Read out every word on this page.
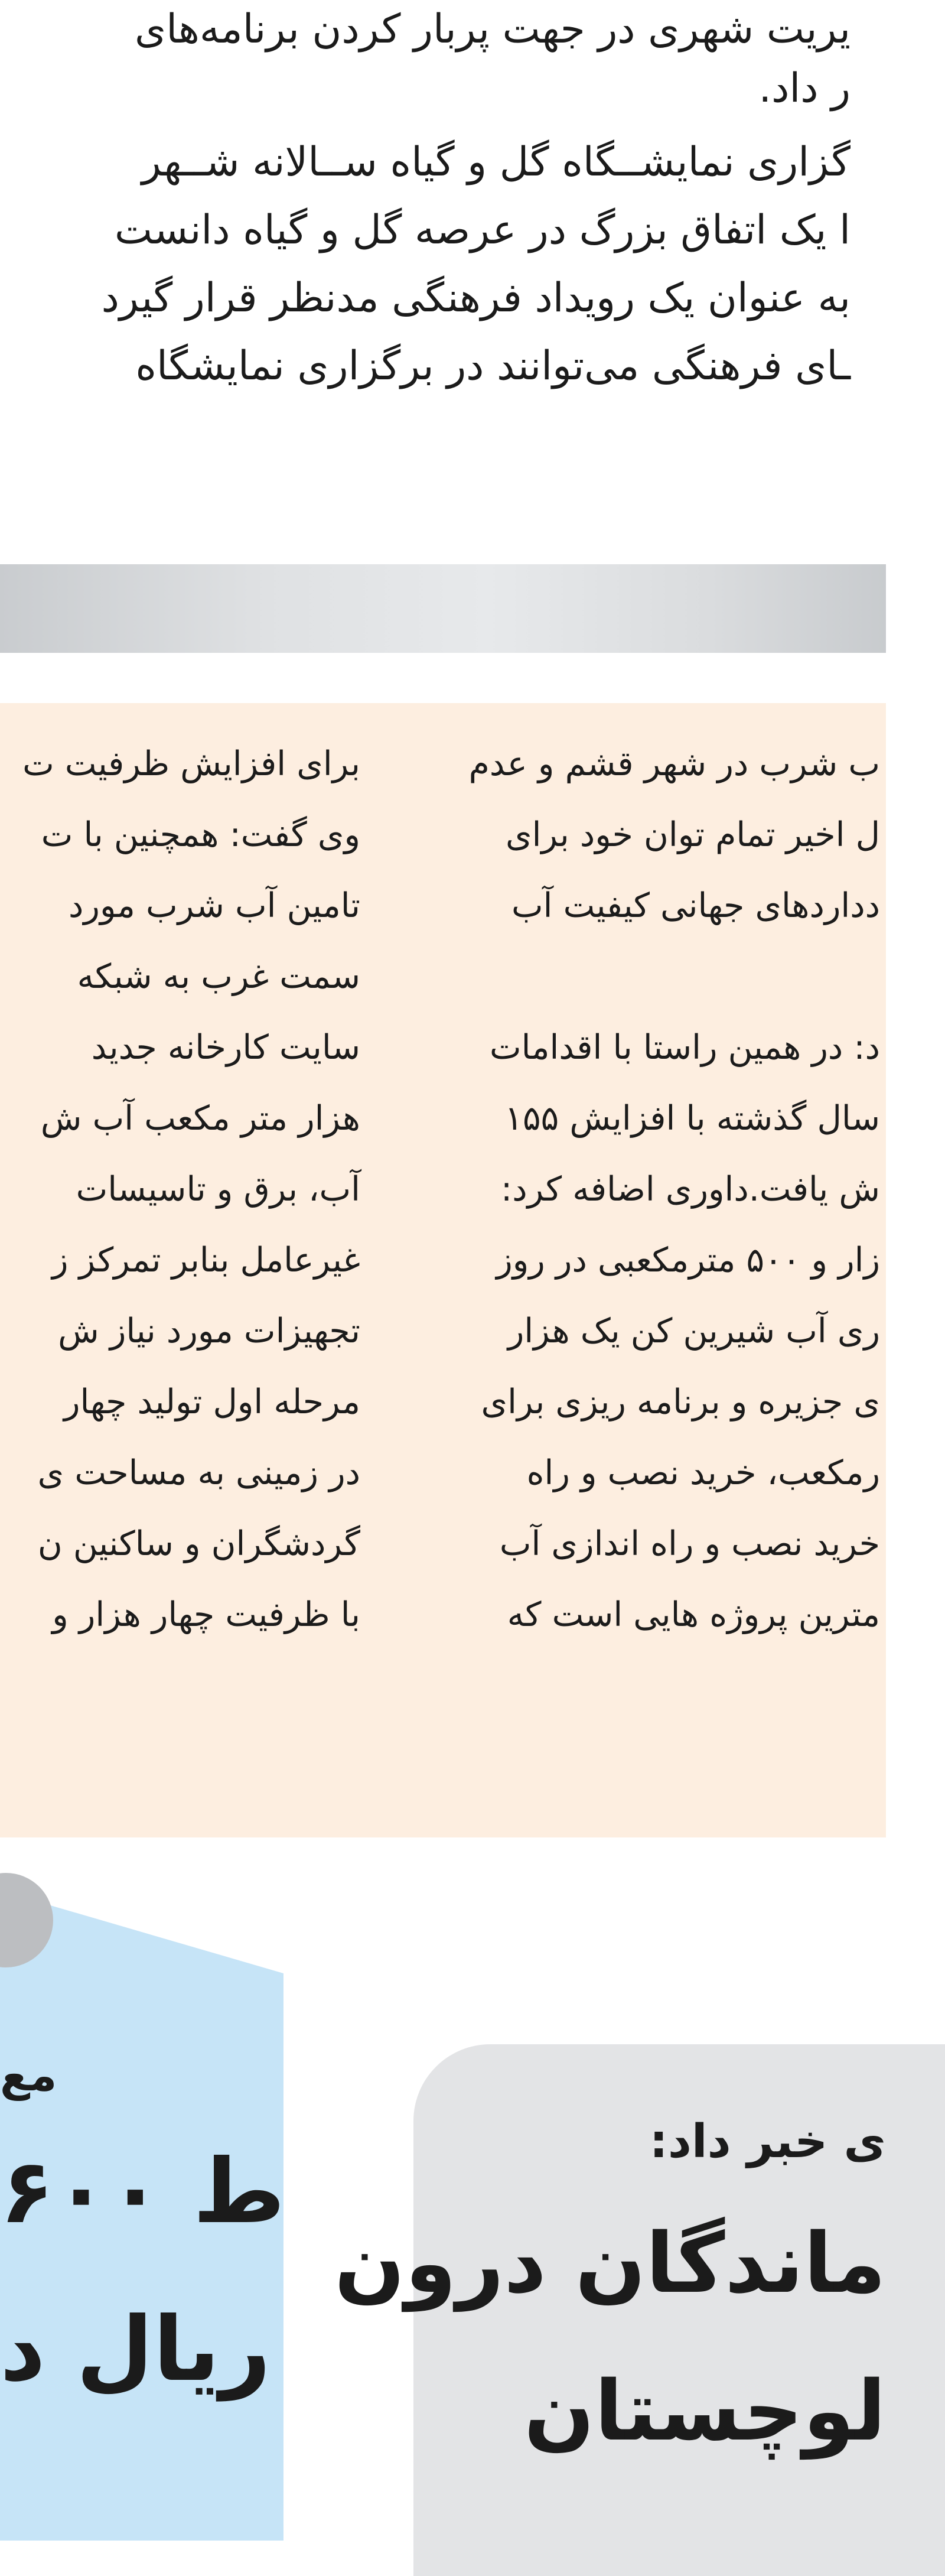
یریت شهری در جهت پربار کردن برنامه‌های
ر داد.
گزاری نمایشــگاه گل و گیاه ســالانه شــهر
ا یک اتفاق بزرگ در عرصه گل و گیاه دانست
به عنوان یک رویداد فرهنگی مدنظر قرار گیرد
ـای فرهنگی می‌توانند در برگزاری نمایشگاه
برای افزایش ظرفیت ت
وی گفت: همچنین با ت
تامین آب شرب مورد
سمت غرب به شبکه
سایت کارخانه جدید
هزار متر مکعب آب ش
آب، برق و تاسیسات
غیرعامل بنابر تمرکز ز
تجهیزات مورد نیاز ش
مرحله اول تولید چهار
در زمینی به مساحت ی
گردشگران و ساکنین ن
با ظرفیت چهار هزار و
ب شرب در شهر قشم و عدم
ل اخیر تمام توان خود برای
دداردهای جهانی کیفیت آب
د: در همین راستا با اقدامات
سال گذشته با افزایش ۱۵۵
ش یافت.داوری اضافه کرد:
زار و ۵۰۰ مترمکعبی در روز
ری آب شیرین کن یک هزار
ی جزیره و برنامه ریزی برای
رمکعب، خرید نصب و راه
خرید نصب و راه اندازی آب
مترین پروژه هایی است که
مع
۶۰۰ ط
ریال د
ی خبر داد:
ماندگان درون
لوچستان
